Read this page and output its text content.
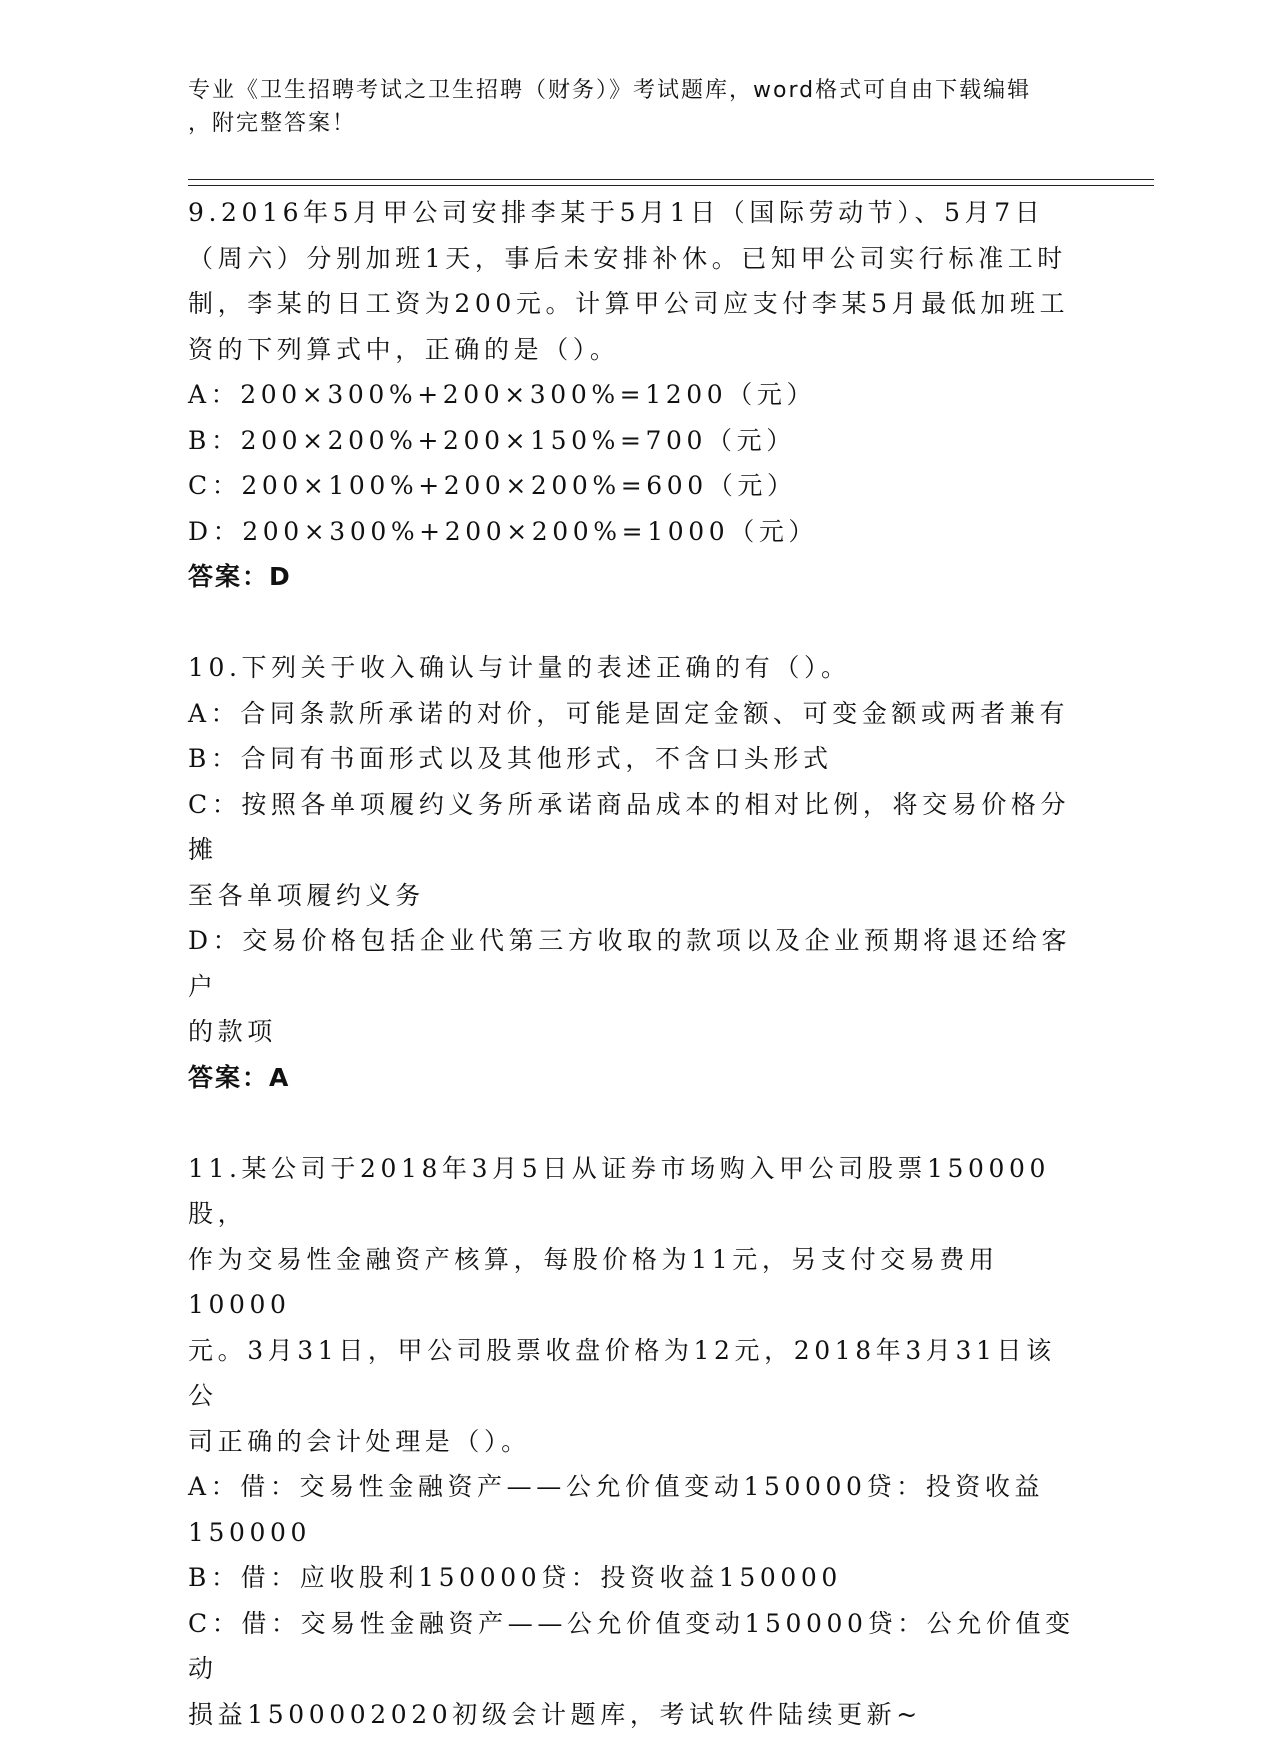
专业《卫生招聘考试之卫生招聘（财务）》考试题库，word格式可自由下载编辑
，附完整答案！
9.2016年5月甲公司安排李某于5月1日（国际劳动节）、5月7日
（周六）分别加班1天，事后未安排补休。已知甲公司实行标准工时
制，李某的日工资为200元。计算甲公司应支付李某5月最低加班工
资的下列算式中，正确的是（）。
A：200×300%+200×300%=1200（元）
B：200×200%+200×150%=700（元）
C：200×100%+200×200%=600（元）
D：200×300%+200×200%=1000（元）
答案：D
10.下列关于收入确认与计量的表述正确的有（）。
A：合同条款所承诺的对价，可能是固定金额、可变金额或两者兼有
B：合同有书面形式以及其他形式，不含口头形式
C：按照各单项履约义务所承诺商品成本的相对比例，将交易价格分摊
至各单项履约义务
D：交易价格包括企业代第三方收取的款项以及企业预期将退还给客户
的款项
答案：A
11.某公司于2018年3月5日从证券市场购入甲公司股票150000股，
作为交易性金融资产核算，每股价格为11元，另支付交易费用10000
元。3月31日，甲公司股票收盘价格为12元，2018年3月31日该公
司正确的会计处理是（）。
A：借：交易性金融资产——公允价值变动150000贷：投资收益
150000
B：借：应收股利150000贷：投资收益150000
C：借：交易性金融资产——公允价值变动150000贷：公允价值变动
损益1500002020初级会计题库，考试软件陆续更新~
